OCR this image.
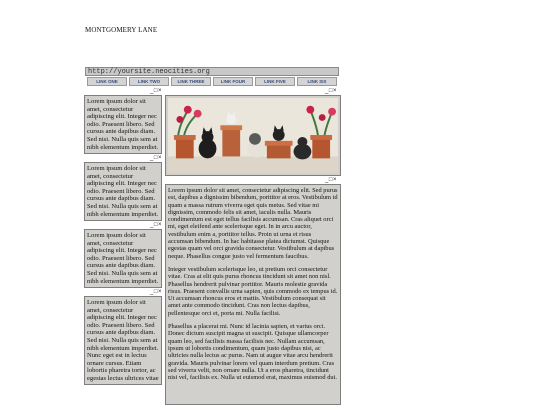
MONTGOMERY LANE
http://yoursite.neocities.org
LINK ONE	LINK TWO	LINK THREE	LINK FOUR	LINK FIVE	LINK SIX
_□×
Lorem ipsum dolor sit amet, consectetur adipiscing elit. Integer nec odio. Praesent libero. Sed cursus ante dapibus diam. Sed nisi. Nulla quis sem at nibh elementum imperdiet.
_□×
_□×
Lorem ipsum dolor sit amet, consectetur adipiscing elit. Integer nec odio. Praesent libero. Sed cursus ante dapibus diam. Sed nisi. Nulla quis sem at nibh elementum imperdiet.
_□×

Lorem ipsum dolor sit amet, consectetur adipiscing elit. Sed purus est, dapibus a dignissim bibendum, porttitor at eros. Vestibulum id quam a massa rutrum viverra eget quis metus. Sed vitae mi dignissim, commodo felis sit amet, iaculis nulla. Mauris condimentum est eget tellus facilisis accumsan. Cras aliquet orci mi, eget eleifend ante scelerisque eget. In in arcu auctor, vestibulum enim a, porttitor tellus. Proin ut urna et risus accumsan bibendum. In hac habitasse platea dictumst. Quisque egestas quam vel orci gravida consectetur. Vestibulum at dapibus neque. Phasellus congue justo vel fermentum faucibus.

Integer vestibulum scelerisque leo, ut pretium orci consectetur vitae. Cras at elit quis purus rhoncus tincidunt sit amet non nisl. Phasellus hendrerit pulvinar porttitor. Mauris molestie gravida risus. Praesent convallis urna sapien, quis commodo ex tempus id. Ut accumsan rhoncus eros et mattis. Vestibulum consequat sit amet ante commodo tincidunt. Cras non lectus dapibus, pellentesque orci et, porta mi. Nulla facilisi.

Phasellus a placerat mi. Nunc id lacinia sapien, et varius orci. Donec dictum suscipit magna ut suscipit. Quisque ullamcorper quam leo, sed facilisis massa facilisis nec. Nullam accumsan, ipsum ut lobortis condimentum, quam justo dapibus nisi, ac ultricies nulla lectus ac purus. Nam ut augue vitae arcu hendrerit gravida. Mauris pulvinar lorem vel quam interdum pretium. Cras sed viverra velit, non ornare nulla. Ut a eros pharetra, tincidunt nisi vel, facilisis ex. Nulla ut euismod erat, maximus euismod dui.

_□×
Lorem ipsum dolor sit amet, consectetur adipiscing elit. Integer nec odio. Praesent libero. Sed cursus ante dapibus diam. Sed nisi. Nulla quis sem at nibh elementum imperdiet.
_□×
Lorem ipsum dolor sit amet, consectetur adipiscing elit. Integer nec odio. Praesent libero. Sed cursus ante dapibus diam. Sed nisi. Nulla quis sem at nibh elementum imperdiet. Nunc eget est in lectus ornare cursus. Etiam lobortis pharetra tortor, ac egestas lectus ultrices vitae
